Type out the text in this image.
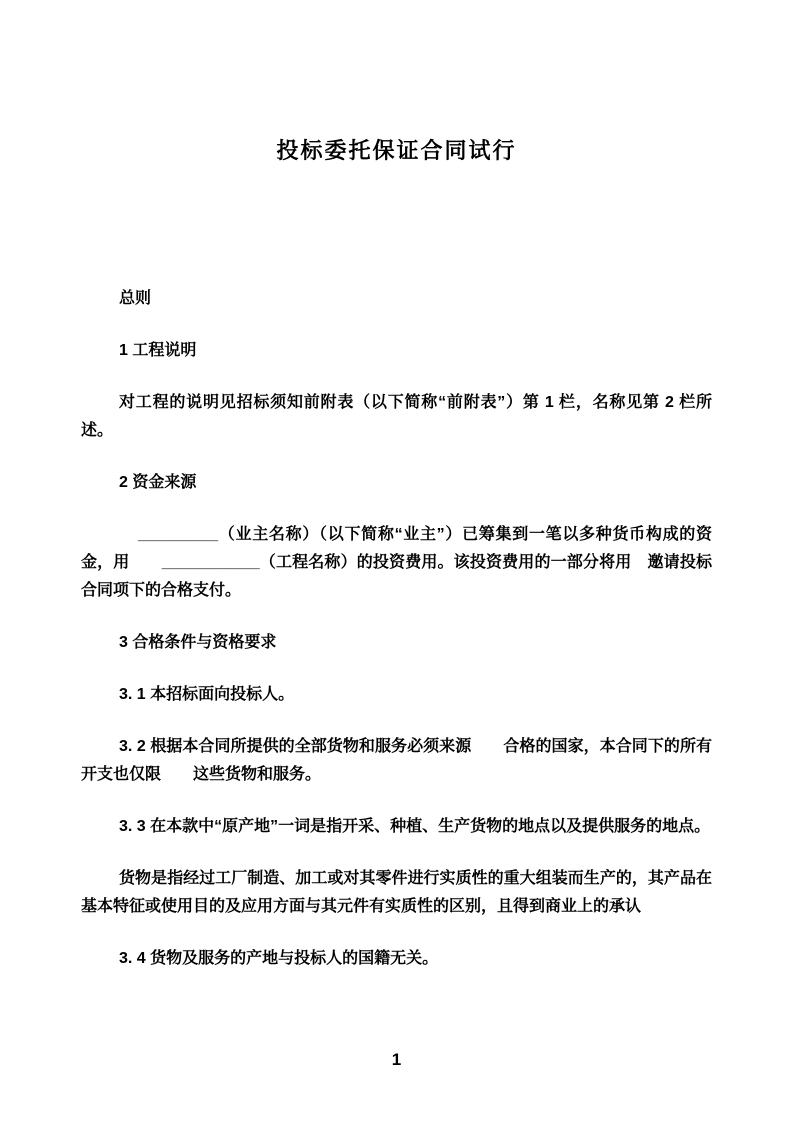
投标委托保证合同试行

总则

1 工程说明

对工程的说明见招标须知前附表（以下简称“前附表”）第 1 栏，名称见第 2 栏所述。

2 资金来源

_________（业主名称）（以下简称“业主”）已筹集到一笔以多种货币构成的资金，用　　___________（工程名称）的投资费用。该投资费用的一部分将用　邀请投标合同项下的合格支付。

3 合格条件与资格要求

3. 1 本招标面向投标人。

3. 2 根据本合同所提供的全部货物和服务必须来源　　合格的国家，本合同下的所有开支也仅限　　这些货物和服务。

3. 3 在本款中“原产地”一词是指开采、种植、生产货物的地点以及提供服务的地点。

货物是指经过工厂制造、加工或对其零件进行实质性的重大组装而生产的，其产品在基本特征或使用目的及应用方面与其元件有实质性的区别，且得到商业上的承认

3. 4 货物及服务的产地与投标人的国籍无关。

1
